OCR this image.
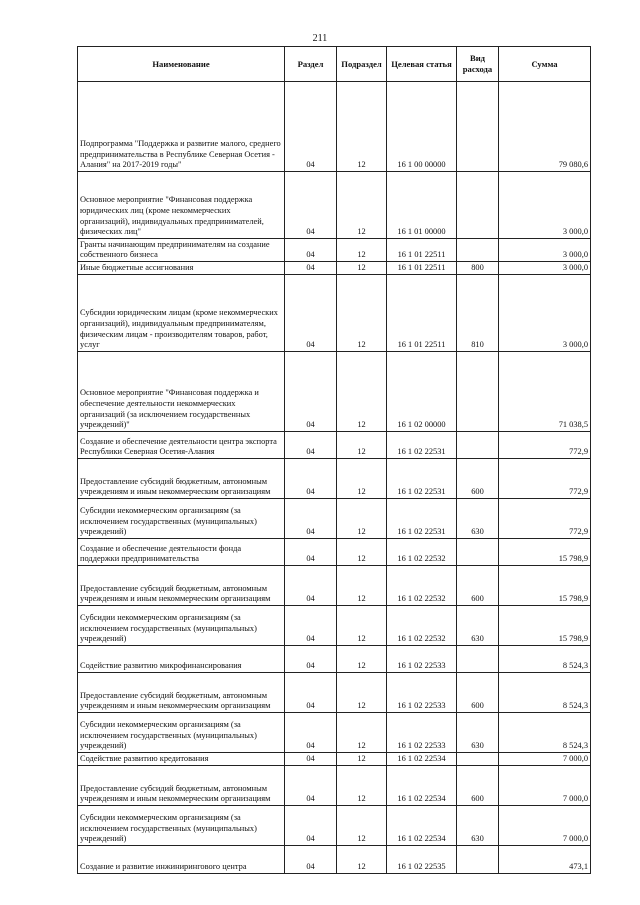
211
Наименование	Раздел	Подраздел	Целевая статья	Вид расхода	Сумма
Подпрограмма "Поддержка и развитие малого, среднего предпринимательства в Республике Северная Осетия - Алания" на 2017-2019 годы"	04	12	16 1 00 00000		79 080,6
Основное мероприятие "Финансовая поддержка юридических лиц (кроме некоммерческих организаций), индивидуальных предпринимателей, физических лиц"	04	12	16 1 01 00000		3 000,0
Гранты начинающим предпринимателям на создание собственного бизнеса	04	12	16 1 01 22511		3 000,0
Иные бюджетные ассигнования	04	12	16 1 01 22511	800	3 000,0
Субсидии юридическим лицам (кроме некоммерческих организаций), индивидуальным предпринимателям, физическим лицам - производителям товаров, работ, услуг	04	12	16 1 01 22511	810	3 000,0
Основное мероприятие "Финансовая поддержка и обеспечение деятельности некоммерческих организаций (за исключением государственных учреждений)"	04	12	16 1 02 00000		71 038,5
Создание и обеспечение деятельности центра экспорта Республики Северная Осетия-Алания	04	12	16 1 02 22531		772,9
Предоставление субсидий бюджетным, автономным учреждениям и иным некоммерческим организациям	04	12	16 1 02 22531	600	772,9
Субсидии некоммерческим организациям (за исключением государственных (муниципальных) учреждений)	04	12	16 1 02 22531	630	772,9
Создание и обеспечение деятельности фонда поддержки предпринимательства	04	12	16 1 02 22532		15 798,9
Предоставление субсидий бюджетным, автономным учреждениям и иным некоммерческим организациям	04	12	16 1 02 22532	600	15 798,9
Субсидии некоммерческим организациям (за исключением государственных (муниципальных) учреждений)	04	12	16 1 02 22532	630	15 798,9
Содействие развитию микрофинансирования	04	12	16 1 02 22533		8 524,3
Предоставление субсидий бюджетным, автономным учреждениям и иным некоммерческим организациям	04	12	16 1 02 22533	600	8 524,3
Субсидии некоммерческим организациям (за исключением государственных (муниципальных) учреждений)	04	12	16 1 02 22533	630	8 524,3
Содействие развитию кредитования	04	12	16 1 02 22534		7 000,0
Предоставление субсидий бюджетным, автономным учреждениям и иным некоммерческим организациям	04	12	16 1 02 22534	600	7 000,0
Субсидии некоммерческим организациям (за исключением государственных (муниципальных) учреждений)	04	12	16 1 02 22534	630	7 000,0
Создание и развитие инжинирингового центра	04	12	16 1 02 22535		473,1
